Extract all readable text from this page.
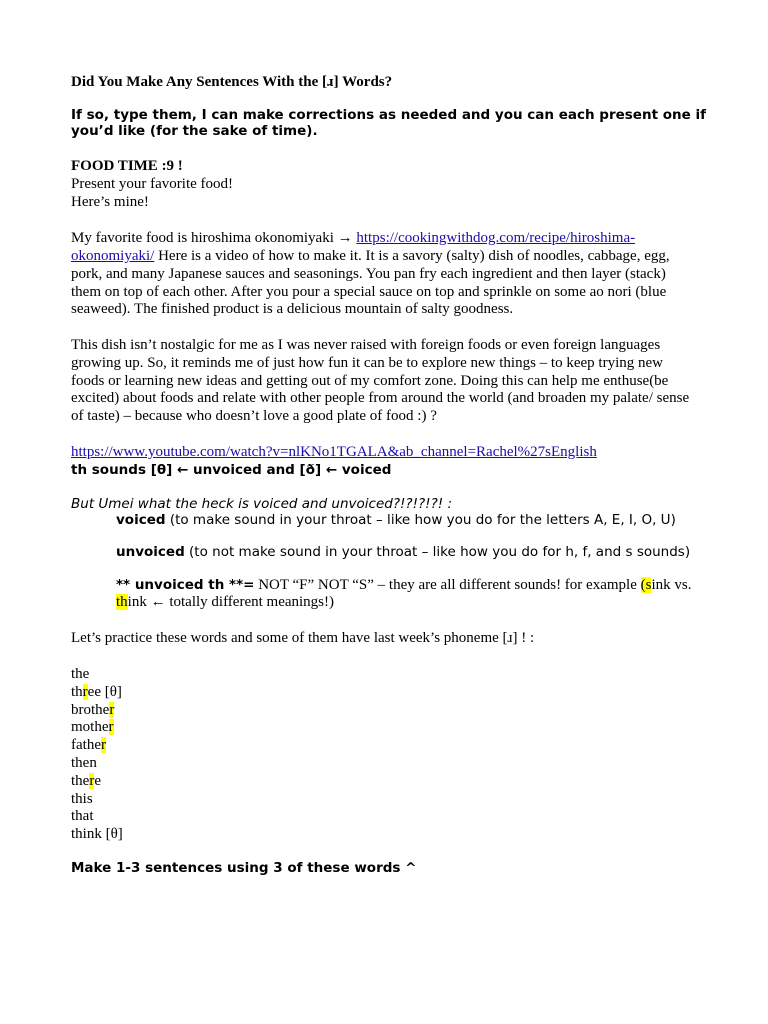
Did You Make Any Sentences With the [ɹ] Words?
If so, type them, I can make corrections as needed and you can each present one if
you’d like (for the sake of time).
FOOD TIME :9 !
Present your favorite food!
Here’s mine!
My favorite food is hiroshima okonomiyaki → https://cookingwithdog.com/recipe/hiroshima-
okonomiyaki/ Here is a video of how to make it. It is a savory (salty) dish of noodles, cabbage, egg,
pork, and many Japanese sauces and seasonings. You pan fry each ingredient and then layer (stack)
them on top of each other. After you pour a special sauce on top and sprinkle on some ao nori (blue
seaweed). The finished product is a delicious mountain of salty goodness.
This dish isn’t nostalgic for me as I was never raised with foreign foods or even foreign languages
growing up. So, it reminds me of just how fun it can be to explore new things – to keep trying new
foods or learning new ideas and getting out of my comfort zone. Doing this can help me enthuse(be
excited) about foods and relate with other people from around the world (and broaden my palate/ sense
of taste) – because who doesn’t love a good plate of food :) ?
https://www.youtube.com/watch?v=nlKNo1TGALA&ab_channel=Rachel%27sEnglish
th sounds [θ] ← unvoiced and [ð] ← voiced
But Umei what the heck is voiced and unvoiced?!?!?!?! :
voiced (to make sound in your throat – like how you do for the letters A, E, I, O, U)
unvoiced (to not make sound in your throat – like how you do for h, f, and s sounds)
** unvoiced th **= NOT “F” NOT “S” – they are all different sounds! for example (sink vs.
think ← totally different meanings!)
Let’s practice these words and some of them have last week’s phoneme [ɹ] ! :
the
three [θ]
brother
mother
father
then
there
this
that
think [θ]
Make 1-3 sentences using 3 of these words ^
